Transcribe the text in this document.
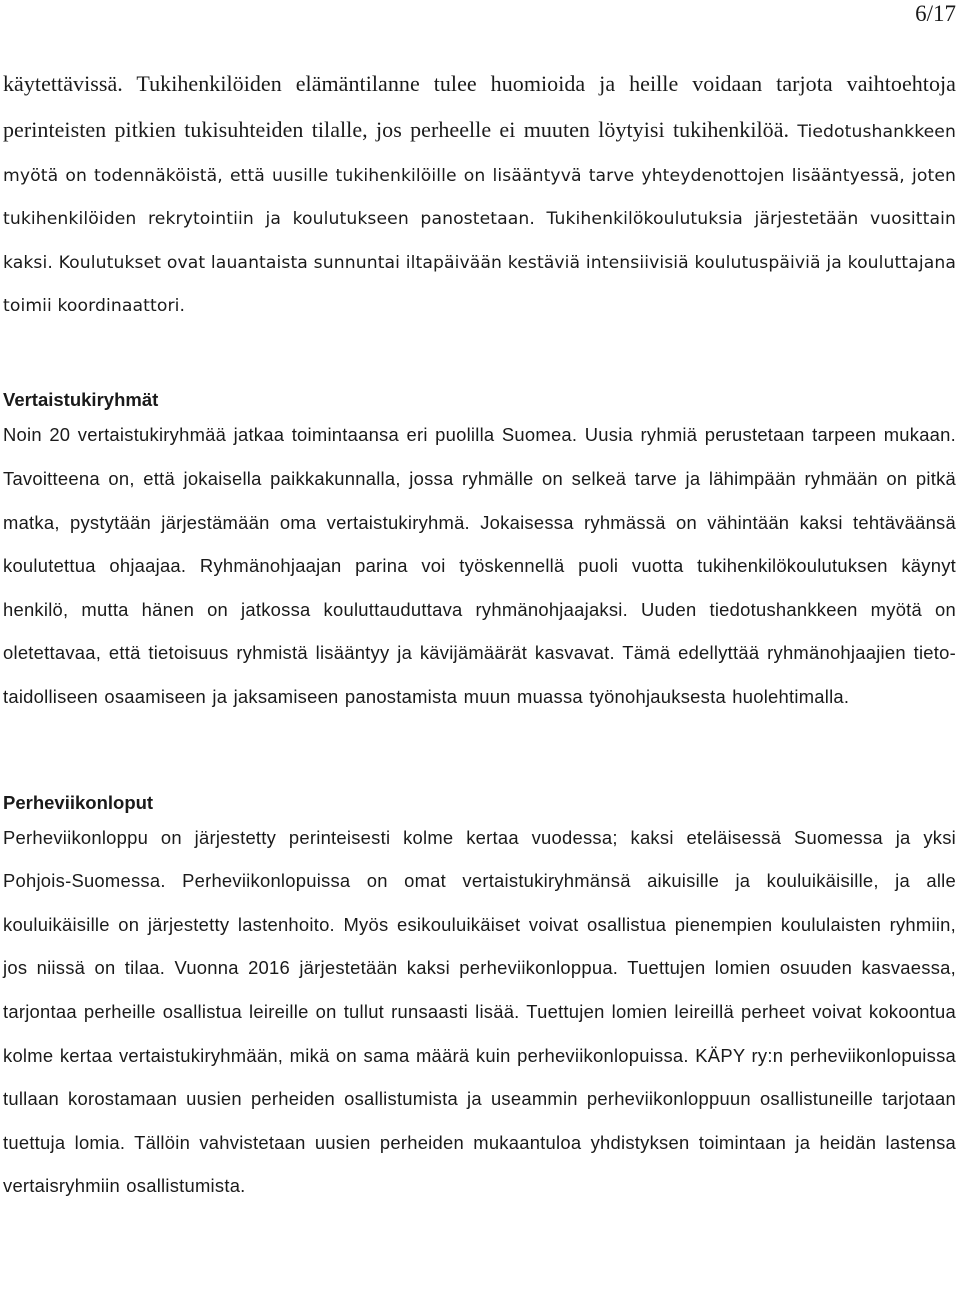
6/17

käytettävissä. Tukihenkilöiden elämäntilanne tulee huomioida ja heille voidaan tarjota vaihtoehtoja perinteisten pitkien tukisuhteiden tilalle, jos perheelle ei muuten löytyisi tukihenkilöä. Tiedotushankkeen myötä on todennäköistä, että uusille tukihenkilöille on lisääntyvä tarve yhteydenottojen lisääntyessä, joten tukihenkilöiden rekrytointiin ja koulutukseen panostetaan. Tukihenkilökoulutuksia järjestetään vuosittain kaksi. Koulutukset ovat lauantaista sunnuntai iltapäivään kestäviä intensiivisiä koulutuspäiviä ja kouluttajana toimii koordinaattori.

Vertaistukiryhmät

Noin 20 vertaistukiryhmää jatkaa toimintaansa eri puolilla Suomea. Uusia ryhmiä perustetaan tarpeen mukaan. Tavoitteena on, että jokaisella paikkakunnalla, jossa ryhmälle on selkeä tarve ja lähimpään ryhmään on pitkä matka, pystytään järjestämään oma vertaistukiryhmä. Jokaisessa ryhmässä on vähintään kaksi tehtäväänsä koulutettua ohjaajaa. Ryhmänohjaajan parina voi työskennellä puoli vuotta tukihenkilökoulutuksen käynyt henkilö, mutta hänen on jatkossa kouluttauduttava ryhmänohjaajaksi. Uuden tiedotushankkeen myötä on oletettavaa, että tietoisuus ryhmistä lisääntyy ja kävijämäärät kasvavat. Tämä edellyttää ryhmänohjaajien tieto-taidolliseen osaamiseen ja jaksamiseen panostamista muun muassa työnohjauksesta huolehtimalla.

Perheviikonloput

Perheviikonloppu on järjestetty perinteisesti kolme kertaa vuodessa; kaksi eteläisessä Suomessa ja yksi Pohjois-Suomessa. Perheviikonlopuissa on omat vertaistukiryhmänsä aikuisille ja kouluikäisille, ja alle kouluikäisille on järjestetty lastenhoito. Myös esikouluikäiset voivat osallistua pienempien koululaisten ryhmiin, jos niissä on tilaa. Vuonna 2016 järjestetään kaksi perheviikonloppua. Tuettujen lomien osuuden kasvaessa, tarjontaa perheille osallistua leireille on tullut runsaasti lisää. Tuettujen lomien leireillä perheet voivat kokoontua kolme kertaa vertaistukiryhmään, mikä on sama määrä kuin perheviikonlopuissa. KÄPY ry:n perheviikonlopuissa tullaan korostamaan uusien perheiden osallistumista ja useammin perheviikonloppuun osallistuneille tarjotaan tuettuja lomia. Tällöin vahvistetaan uusien perheiden mukaantuloa yhdistyksen toimintaan ja heidän lastensa vertaisryhmiin osallistumista.
